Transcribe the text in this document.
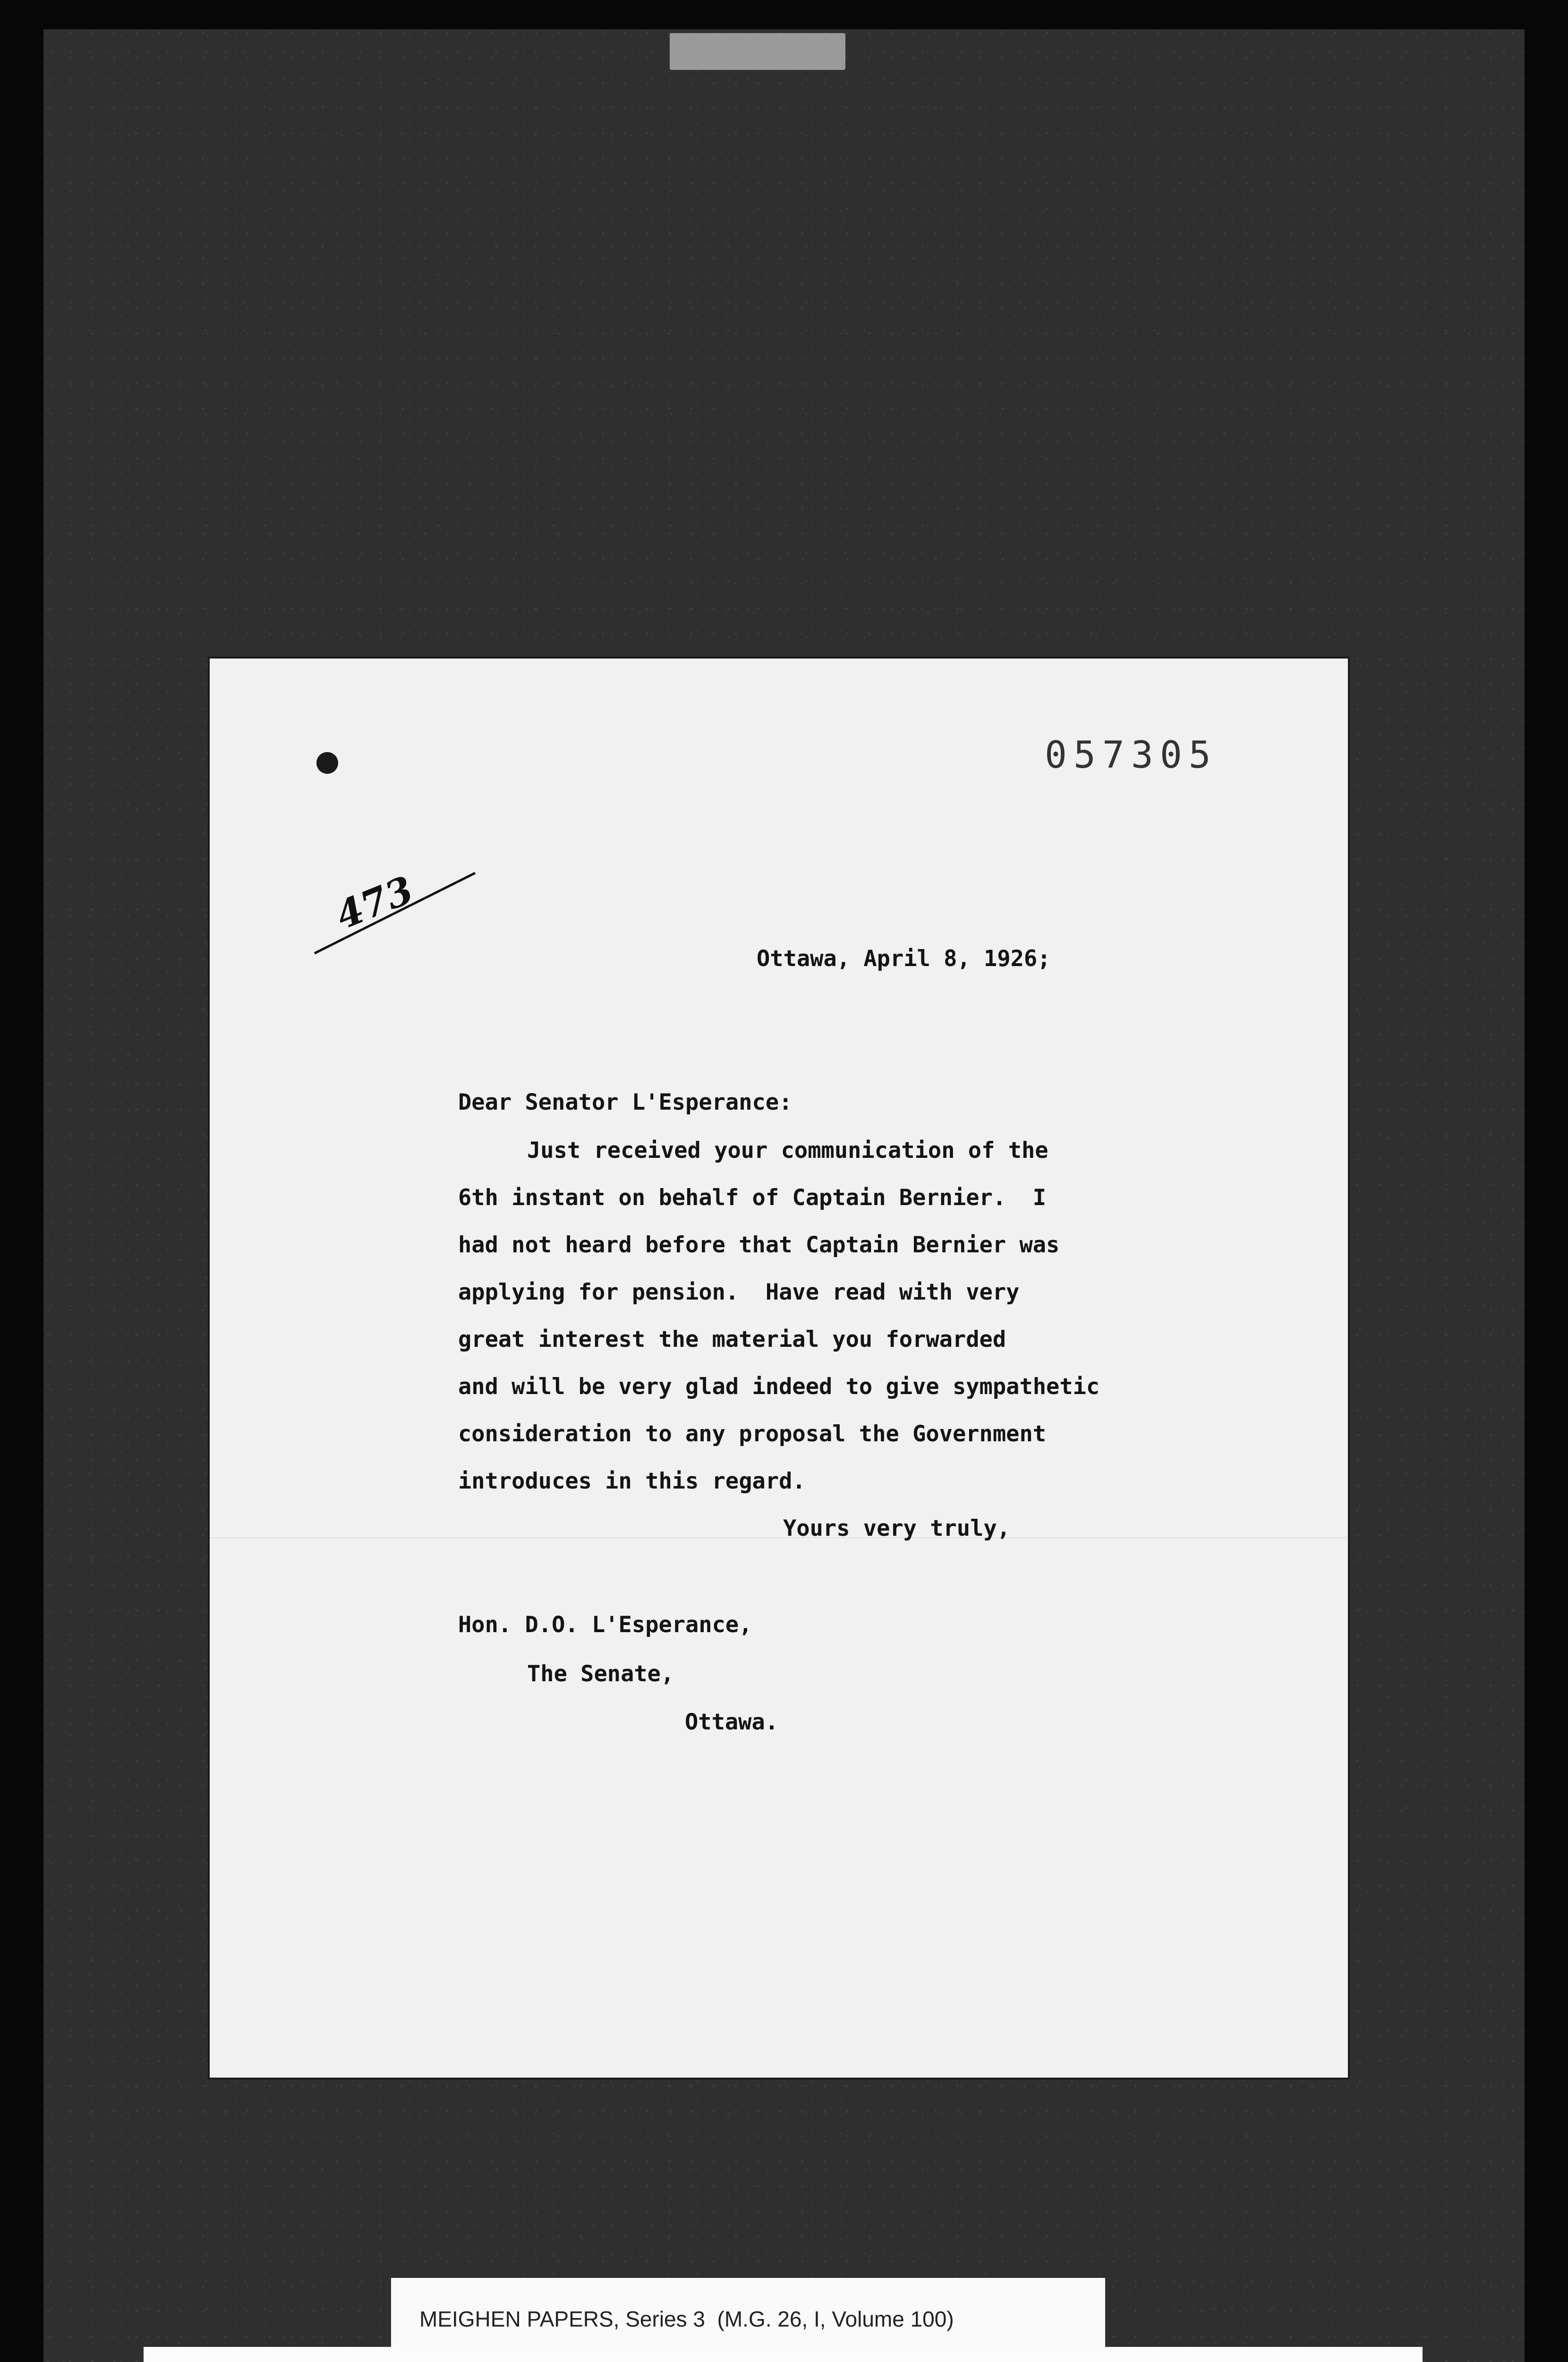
057305
473
Ottawa, April 8, 1926;
Dear Senator L'Esperance:
Just received your communication of the
6th instant on behalf of Captain Bernier.  I
had not heard before that Captain Bernier was
applying for pension.  Have read with very
great interest the material you forwarded
and will be very glad indeed to give sympathetic
consideration to any proposal the Government
introduces in this regard.
Yours very truly,
Hon. D.O. L'Esperance,
The Senate,
Ottawa.
MEIGHEN PAPERS, Series 3  (M.G. 26, I, Volume 100)
